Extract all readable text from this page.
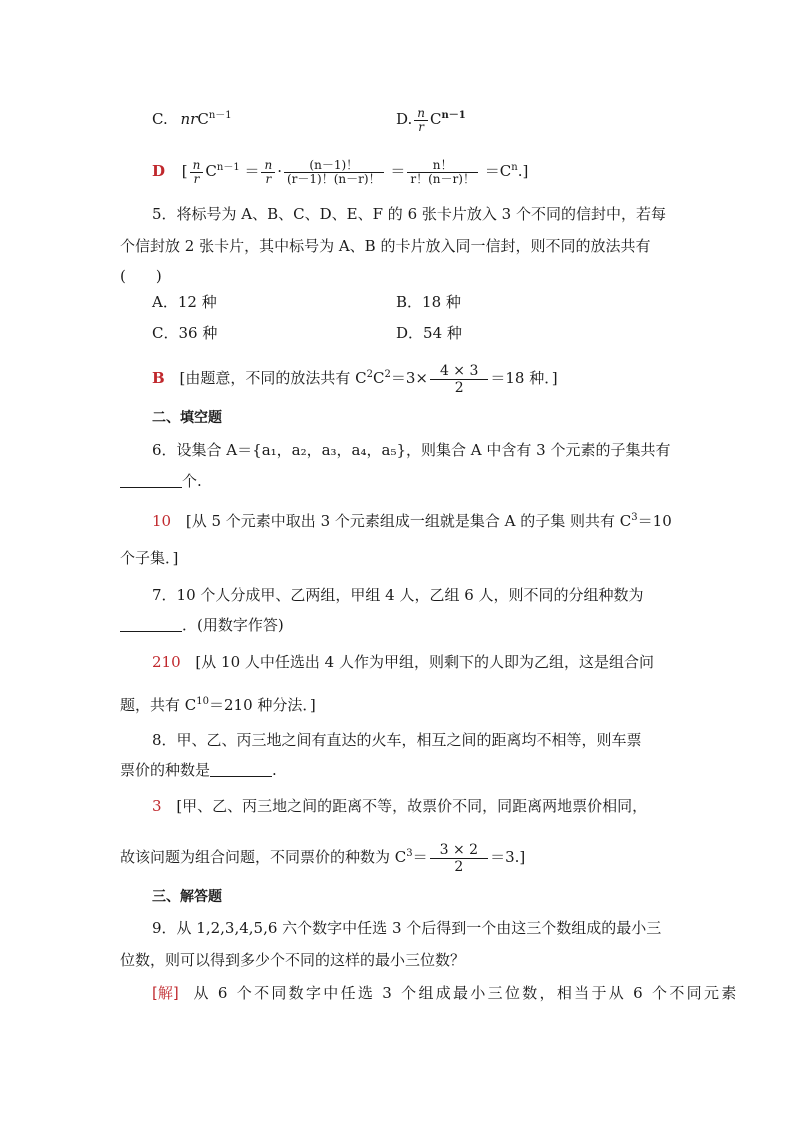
C. nrC$^{n-1}$	D. $\frac{n}{r} C^{n-1}$
D [ $\frac{n}{r} C^{n-1} = \frac{n}{r} \cdot \frac{(n-1)!}{(r-1)!(n-r)!} = \frac{n!}{r!(n-r)!} =C^n$.]
5．将标号为 A、B、C、D、E、F 的 6 张卡片放入 3 个不同的信封中，若每
个信封放 2 张卡片，其中标号为 A、B 的卡片放入同一信封，则不同的放法共有
(　　)
A．12 种	B．18 种
C．36 种	D．54 种
B [由题意，不同的放法共有 $C^2C^2=3\times \frac{4 \times 3}{2} =18$ 种．]
二、填空题
6．设集合 A＝{a₁，a₂，a₃，a₄，a₅}，则集合 A 中含有 3 个元素的子集共有
个.
10 [从 5 个元素中取出 3 个元素组成一组就是集合 A 的子集 则共有 $C^3=10$
个子集．]
7．10 个人分成甲、乙两组，甲组 4 人，乙组 6 人，则不同的分组种数为
．(用数字作答)
210 [从 10 人中任选出 4 人作为甲组，则剩下的人即为乙组，这是组合问
题，共有 $C^{10}=210$ 种分法．]
8．甲、乙、丙三地之间有直达的火车，相互之间的距离均不相等，则车票
票价的种数是	.
3 [甲、乙、丙三地之间的距离不等，故票价不同，同距离两地票价相同，
故该问题为组合问题，不同票价的种数为 $C^3= \frac{3 \times 2}{2} =3$.]
三、解答题
9．从 1,2,3,4,5,6 六个数字中任选 3 个后得到一个由这三个数组成的最小三
位数，则可以得到多少个不同的这样的最小三位数？
[解] 从 6 个不同数字中任选 3 个组成最小三位数，相当于从 6 个不同元素
